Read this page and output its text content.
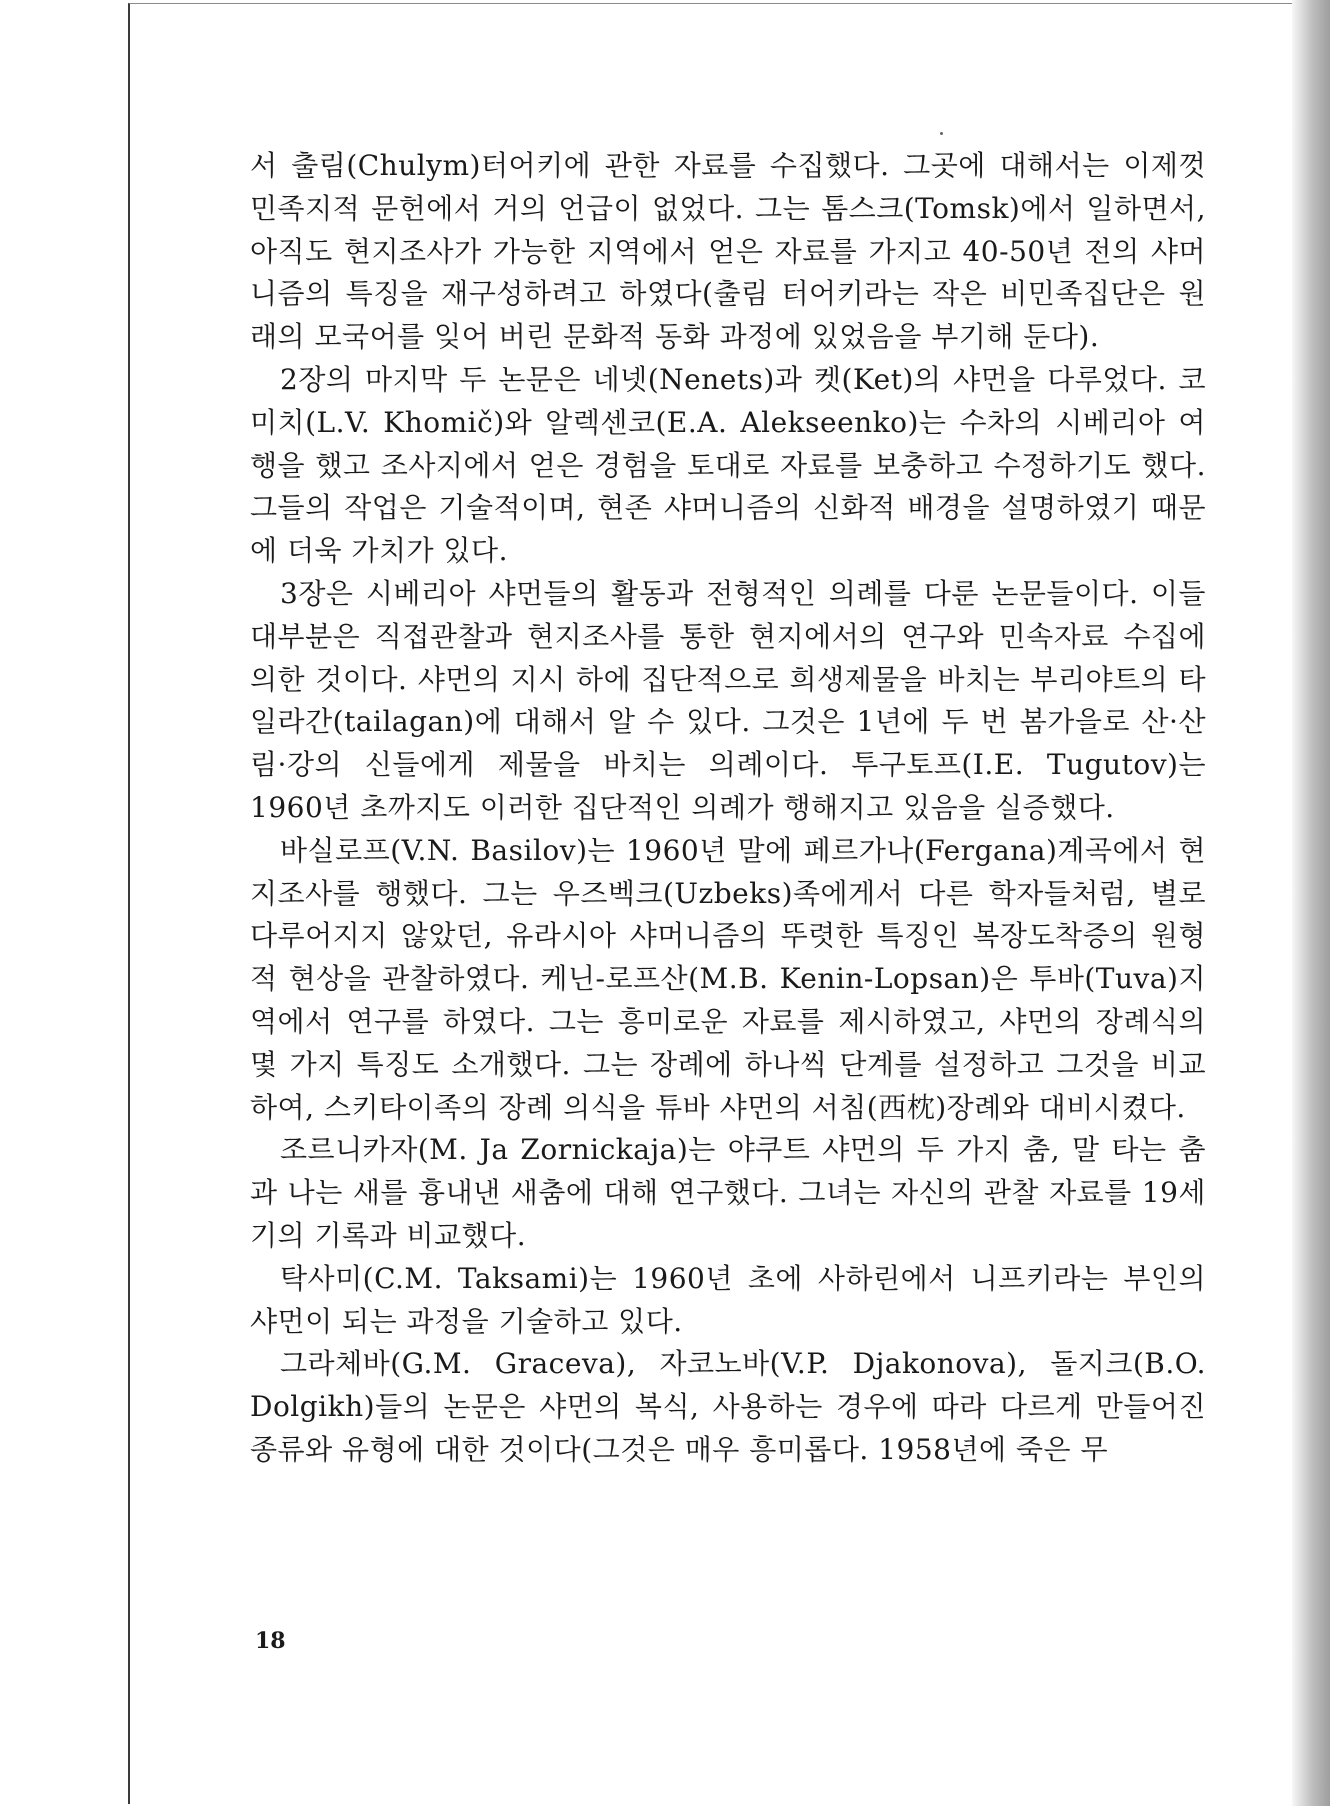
서 출림(Chulym)터어키에 관한 자료를 수집했다. 그곳에 대해서는 이제껏 민족지적 문헌에서 거의 언급이 없었다. 그는 톰스크(Tomsk)에서 일하면서, 아직도 현지조사가 가능한 지역에서 얻은 자료를 가지고 40-50년 전의 샤머니즘의 특징을 재구성하려고 하였다(출림 터어키라는 작은 비민족집단은 원래의 모국어를 잊어 버린 문화적 동화 과정에 있었음을 부기해 둔다).

2장의 마지막 두 논문은 네넷(Nenets)과 켓(Ket)의 샤먼을 다루었다. 코미치(L.V. Khomič)와 알렉센코(E.A. Alekseenko)는 수차의 시베리아 여행을 했고 조사지에서 얻은 경험을 토대로 자료를 보충하고 수정하기도 했다. 그들의 작업은 기술적이며, 현존 샤머니즘의 신화적 배경을 설명하였기 때문에 더욱 가치가 있다.

3장은 시베리아 샤먼들의 활동과 전형적인 의례를 다룬 논문들이다. 이들 대부분은 직접관찰과 현지조사를 통한 현지에서의 연구와 민속자료 수집에 의한 것이다. 샤먼의 지시 하에 집단적으로 희생제물을 바치는 부리야트의 타일라간(tailagan)에 대해서 알 수 있다. 그것은 1년에 두 번 봄가을로 산·산림·강의 신들에게 제물을 바치는 의례이다. 투구토프(I.E. Tugutov)는 1960년 초까지도 이러한 집단적인 의례가 행해지고 있음을 실증했다.

바실로프(V.N. Basilov)는 1960년 말에 페르가나(Fergana)계곡에서 현지조사를 행했다. 그는 우즈벡크(Uzbeks)족에게서 다른 학자들처럼, 별로 다루어지지 않았던, 유라시아 샤머니즘의 뚜렷한 특징인 복장도착증의 원형적 현상을 관찰하였다. 케닌-로프산(M.B. Kenin-Lopsan)은 투바(Tuva)지역에서 연구를 하였다. 그는 흥미로운 자료를 제시하였고, 샤먼의 장례식의 몇 가지 특징도 소개했다. 그는 장례에 하나씩 단계를 설정하고 그것을 비교하여, 스키타이족의 장례 의식을 튜바 샤먼의 서침(西枕)장례와 대비시켰다.

조르니카자(M. Ja Zornickaja)는 야쿠트 샤먼의 두 가지 춤, 말 타는 춤과 나는 새를 흉내낸 새춤에 대해 연구했다. 그녀는 자신의 관찰 자료를 19세기의 기록과 비교했다.

탁사미(C.M. Taksami)는 1960년 초에 사하린에서 니프키라는 부인의 샤먼이 되는 과정을 기술하고 있다.

그라체바(G.M. Graceva), 자코노바(V.P. Djakonova), 돌지크(B.O. Dolgikh)들의 논문은 샤먼의 복식, 사용하는 경우에 따라 다르게 만들어진 종류와 유형에 대한 것이다(그것은 매우 흥미롭다. 1958년에 죽은 무

18
